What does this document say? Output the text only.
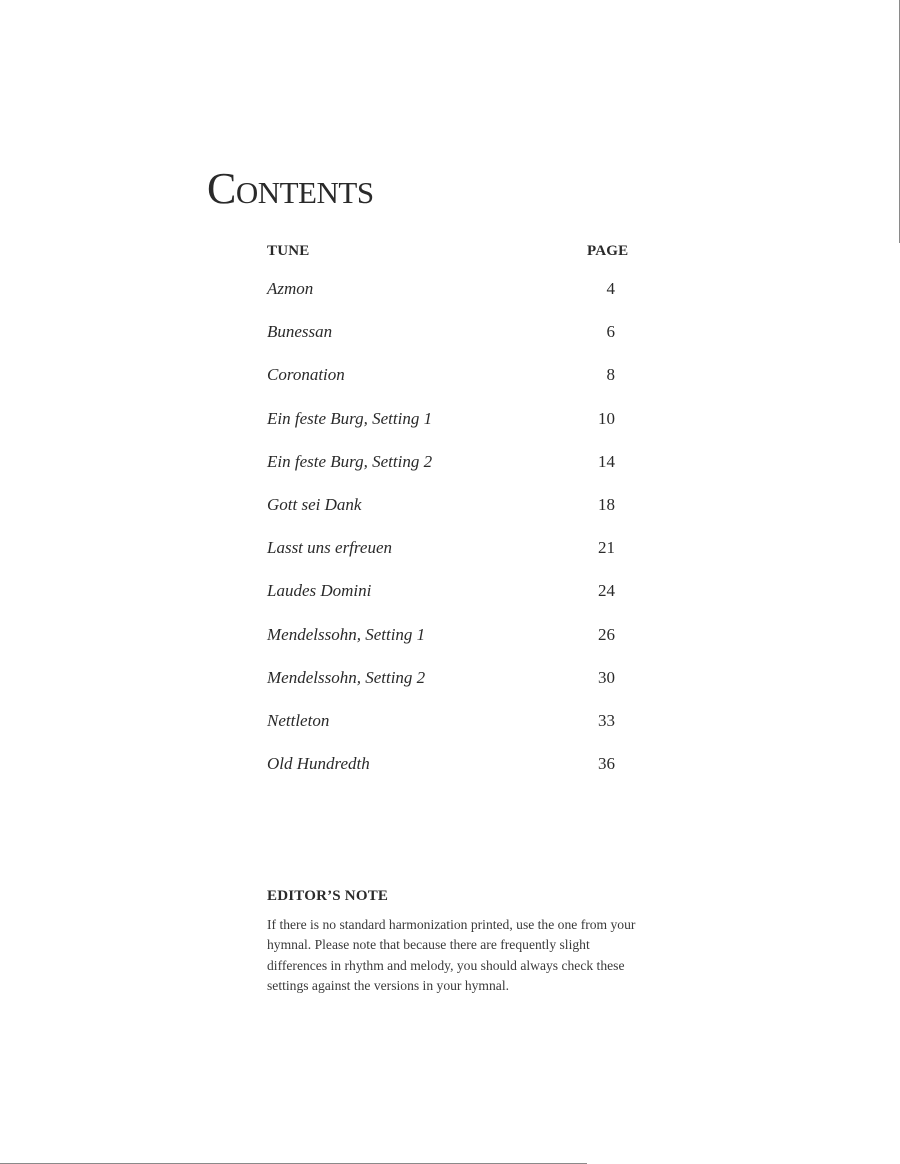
Contents
TUNE	PAGE
Azmon	4
Bunessan	6
Coronation	8
Ein feste Burg, Setting 1	10
Ein feste Burg, Setting 2	14
Gott sei Dank	18
Lasst uns erfreuen	21
Laudes Domini	24
Mendelssohn, Setting 1	26
Mendelssohn, Setting 2	30
Nettleton	33
Old Hundredth	36
EDITOR’S NOTE

If there is no standard harmonization printed, use the one from your hymnal. Please note that because there are frequently slight differences in rhythm and melody, you should always check these settings against the versions in your hymnal.
